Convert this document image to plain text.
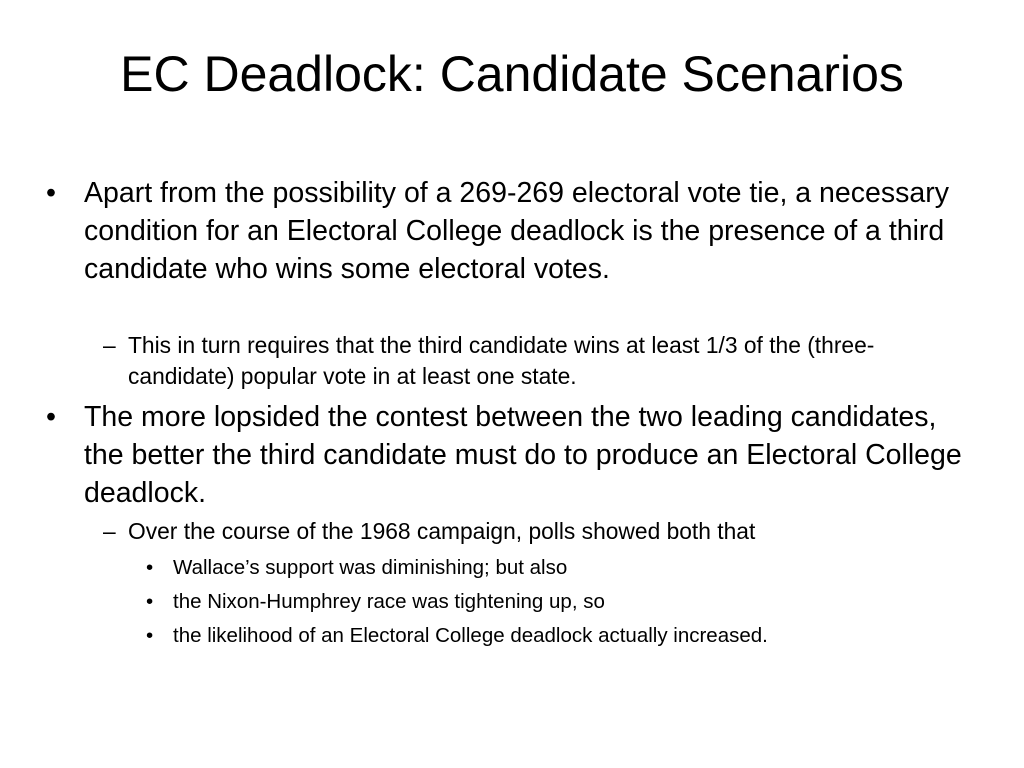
EC Deadlock: Candidate Scenarios
• Apart from the possibility of a 269-269 electoral vote tie, a necessary condition for an Electoral College deadlock is the presence of a third candidate who wins some electoral votes.
– This in turn requires that the third candidate wins at least 1/3 of the (three-candidate) popular vote in at least one state.
• The more lopsided the contest between the two leading candidates, the better the third candidate must do to produce an Electoral College deadlock.
– Over the course of the 1968 campaign, polls showed both that
• Wallace’s support was diminishing; but also
• the Nixon-Humphrey race was tightening up, so
• the likelihood of an Electoral College deadlock actually increased.
